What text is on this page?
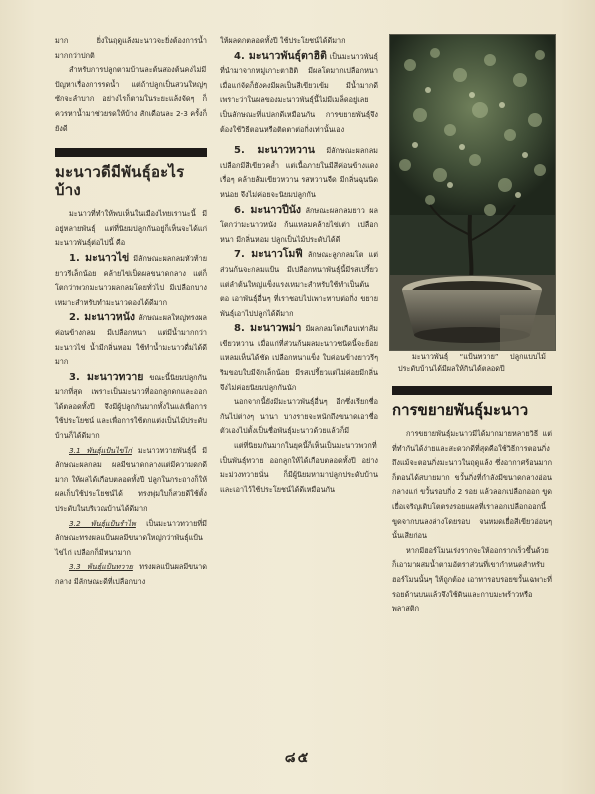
มาก ยิ่งในฤดูแล้งมะนาวจะยิ่งต้องการน้ำมากกว่าปกติ

สำหรับการปลูกตามบ้านละต้นสองต้นคงไม่มีปัญหาเรื่องการรดน้ำ แต่ถ้าปลูกเป็นสวนใหญ่ๆ ซักจะลำบาก อย่างไรก็ตามในระยะแล้งจัดๆ ก็ควรหาน้ำมาช่วยรดให้บ้าง สักเดือนละ 2-3 ครั้งก็ยังดี

มะนาวดีมีพันธุ์อะไรบ้าง

มะนาวที่ทำให้พบเห็นในเมืองไทยเรานะนี้ มีอยู่หลายพันธุ์ แต่ที่นิยมปลูกกันอยู่ก็เห็นจะได้แก่มะนาวพันธุ์ต่อไปนี้ คือ

1. มะนาวไข่ มีลักษณะผลกลมหัวท้ายยาวรีเล็กน้อย คล้ายไข่เป็ดผลขนาดกลาง แต่ก็โตกว่าพวกมะนาวผลกลมโดยทั่วไป มีเปลือกบาง เหมาะสำหรับทำมะนาวดองได้ดีมาก

2. มะนาวหนัง ลักษณะผลใหญ่ทรงผลค่อนข้างกลม มีเปลือกหนา แต่มีน้ำมากกว่ามะนาวไข่ น้ำมีกลิ่นหอม ใช้ทำน้ำมะนาวดื่มได้ดีมาก

3. มะนาวทวาย ขณะนี้นิยมปลูกกันมากที่สุด เพราะเป็นมะนาวที่ออกลูกดกและออกได้ตลอดทั้งปี จึงมีผู้ปลูกกันมากทั้งในแง่เพื่อการใช้ประโยชน์ และเพื่อการใช้ตกแต่งเป็นไม้ประดับบ้านก็ได้ดีมาก

3.1 พันธุ์แป้นไข่ไก่ มะนาวทวายพันธุ์นี้ มีลักษณะผลกลม ผลมีขนาดกลางแต่มีความดกดีมาก ให้ผลได้เกือบตลอดทั้งปี ปลูกในกระถางก็ให้ผลเก็บใช้ประโยชน์ได้ ทรงพุ่มใบก็สวยดีใช้ตั้งประดับในบริเวณบ้านได้ดีมาก

3.2 พันธุ์แป้นรำไพ เป็นมะนาวทวายที่มีลักษณะทรงผลแป้นผลมีขนาดใหญ่กว่าพันธุ์แป้นไข่ไก่ เปลือกก็มีหนามาก

3.3 พันธุ์แป้นทวาย ทรงผลแป้นผลมีขนาดกลาง มีลักษณะดีที่เปลือกบาง

ให้ผลดกตลอดทั้งปี ใช้ประโยชน์ได้ดีมาก

4. มะนาวพันธุ์ตาฮิติ เป็นมะนาวพันธุ์ที่นำมาจากหมู่เกาะตาฮิติ มีผลโตมากเปลือกหนา เมื่อแก่จัดก็ยังคงมีผลเป็นสีเขียวเข้ม มีน้ำมากดี เพราะว่าในผลของมะนาวพันธุ์นี้ไม่มีเมล็ดอยู่เลย เป็นลักษณะที่แปลกดีเหมือนกัน การขยายพันธุ์จึงต้องใช้วิธีตอนหรือติดตาต่อกิ่งเท่านั้นเอง

5. มะนาวหวาน มีลักษณะผลกลม เปลือกมีสีเขียวคล้ำ แต่เนื้อภายในมีสีค่อนข้างแดงเรื่อๆ คล้ายส้มเขียวหวาน รสหวานจืด มีกลิ่นฉุนนิดหน่อย จึงไม่ค่อยจะนิยมปลูกกัน

6. มะนาวปีนัง ลักษณะผลกลมยาว ผลโตกว่ามะนาวหนัง ก้นแหลมคล้ายไข่เต่า เปลือกหนา มีกลิ่นหอม ปลูกเป็นไม้ประดับได้ดี

7. มะนาวโมฟี ลักษณะลูกกลมโต แต่ส่วนก้นจะกลมแป้น มีเปลือกหนาพันธุ์นี้มีรสเปรี้ยว แต่ลำต้นใหญ่แข็งแรงเหมาะสำหรับใช้ทำเป็นต้นตอ เอาพันธุ์อื่นๆ ที่เราชอบไปเพาะทาบต่อกิ่ง ขยายพันธุ์เอาไปปลูกได้ดีมาก

8. มะนาวพม่า มีผลกลมโตเกือบเท่าส้มเขียวหวาน เมื่อแก่ที่ส่วนก้นผลมะนาวชนิดนี้จะย้อยแหลมเห็นได้ชัด เปลือกหนาแข็ง ใบค่อนข้างยาวรีๆ ริมขอบใบมีจักเล็กน้อย มีรสเปรี้ยวแต่ไม่ค่อยมีกลิ่น จึงไม่ค่อยนิยมปลูกกันนัก

นอกจากนี้ยังมีมะนาวพันธุ์อื่นๆ อีกซึ่งเรียกชื่อกันไปต่างๆ นานา บางรายจะหนักถึงขนาดเอาชื่อตัวเองไปตั้งเป็นชื่อพันธุ์มะนาวด้วยแล้วก็มี

แต่ที่นิยมกันมากในยุคนี้ก็เห็นเป็นมะนาวพวกที่เป็นพันธุ์ทวาย ออกลูกให้ได้เกือบตลอดทั้งปี อย่างมะม่วงทวายนั่น ก็มีผู้นิยมหามาปลูกประดับบ้าน และเอาไว้ใช้ประโยชน์ได้ดีเหมือนกัน

มะนาวพันธุ์ “แป้นทวาย” ปลูกแบบไม้ประดับบ้านได้มีผลให้กินได้ตลอดปี

การขยายพันธุ์มะนาว

การขยายพันธุ์มะนาวมีได้มากมายหลายวิธี แต่ที่ทำกันได้ง่ายและสะดวกดีที่สุดคือใช้วิธีการตอนกิ่ง ถึงแม้จะตอนกิ่งมะนาวในฤดูแล้ง ซึ่งอากาศร้อนมากก็ตอนได้สบายมาก ขวั้นกิ่งที่กำลังมีขนาดกลางอ่อนกลางแก่ ขวั้นรอบกิ่ง 2 รอย แล้วลอกเปลือกออก ขูดเยื่อเจริญเติบโตตรงรอยแผลที่เราลอกเปลือกออกนี้ ขูดจากบนลงล่างโดยรอบ จนหมดเยื่อสีเขียวอ่อนๆ นั้นเสียก่อน

หากมีฮอร์โมนเร่งรากจะให้ออกรากเร็วขึ้นด้วย ก็เอามาผสมน้ำตามอัตราส่วนที่เขากำหนดสำหรับฮอร์โมนนั้นๆ ให้ถูกต้อง เอาทารอบรอยขวั้นเฉพาะที่รอยด้านบนแล้วจึงใช้ดินและกาบมะพร้าวหรือพลาสติก

๘๕
